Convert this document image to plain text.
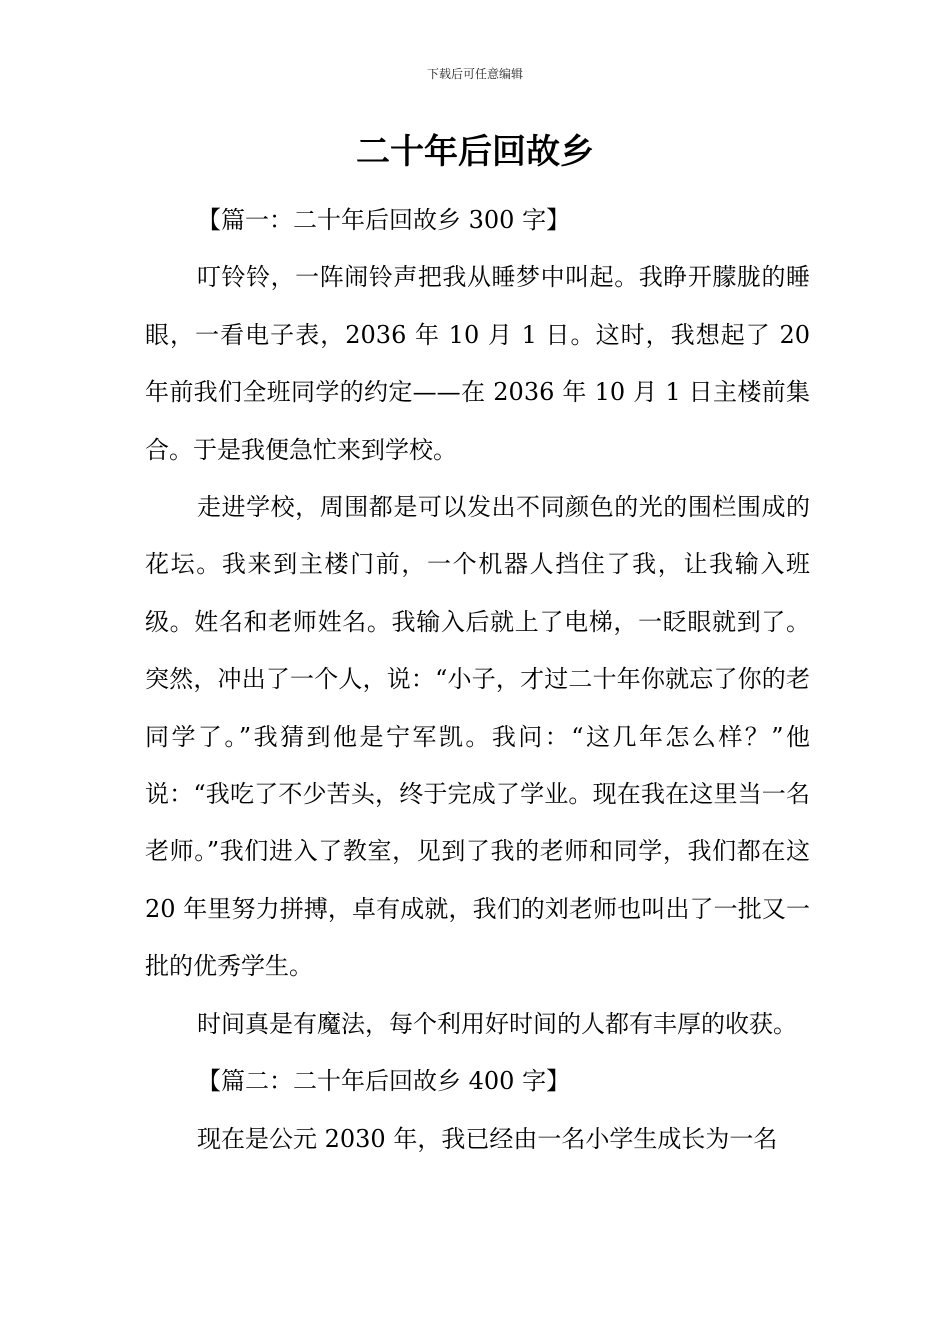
下载后可任意编辑
二十年后回故乡

【篇一：二十年后回故乡 300 字】

叮铃铃，一阵闹铃声把我从睡梦中叫起。我睁开朦胧的睡眼，一看电子表，2036 年 10 月 1 日。这时，我想起了 20 年前我们全班同学的约定——在 2036 年 10 月 1 日主楼前集合。于是我便急忙来到学校。

走进学校，周围都是可以发出不同颜色的光的围栏围成的花坛。我来到主楼门前，一个机器人挡住了我，让我输入班级。姓名和老师姓名。我输入后就上了电梯，一眨眼就到了。突然，冲出了一个人，说：“小子，才过二十年你就忘了你的老同学了。”我猜到他是宁军凯。我问：“这几年怎么样？”他说：“我吃了不少苦头，终于完成了学业。现在我在这里当一名老师。”我们进入了教室，见到了我的老师和同学，我们都在这 20 年里努力拼搏，卓有成就，我们的刘老师也叫出了一批又一批的优秀学生。

时间真是有魔法，每个利用好时间的人都有丰厚的收获。

【篇二：二十年后回故乡 400 字】

现在是公元 2030 年，我已经由一名小学生成长为一名
